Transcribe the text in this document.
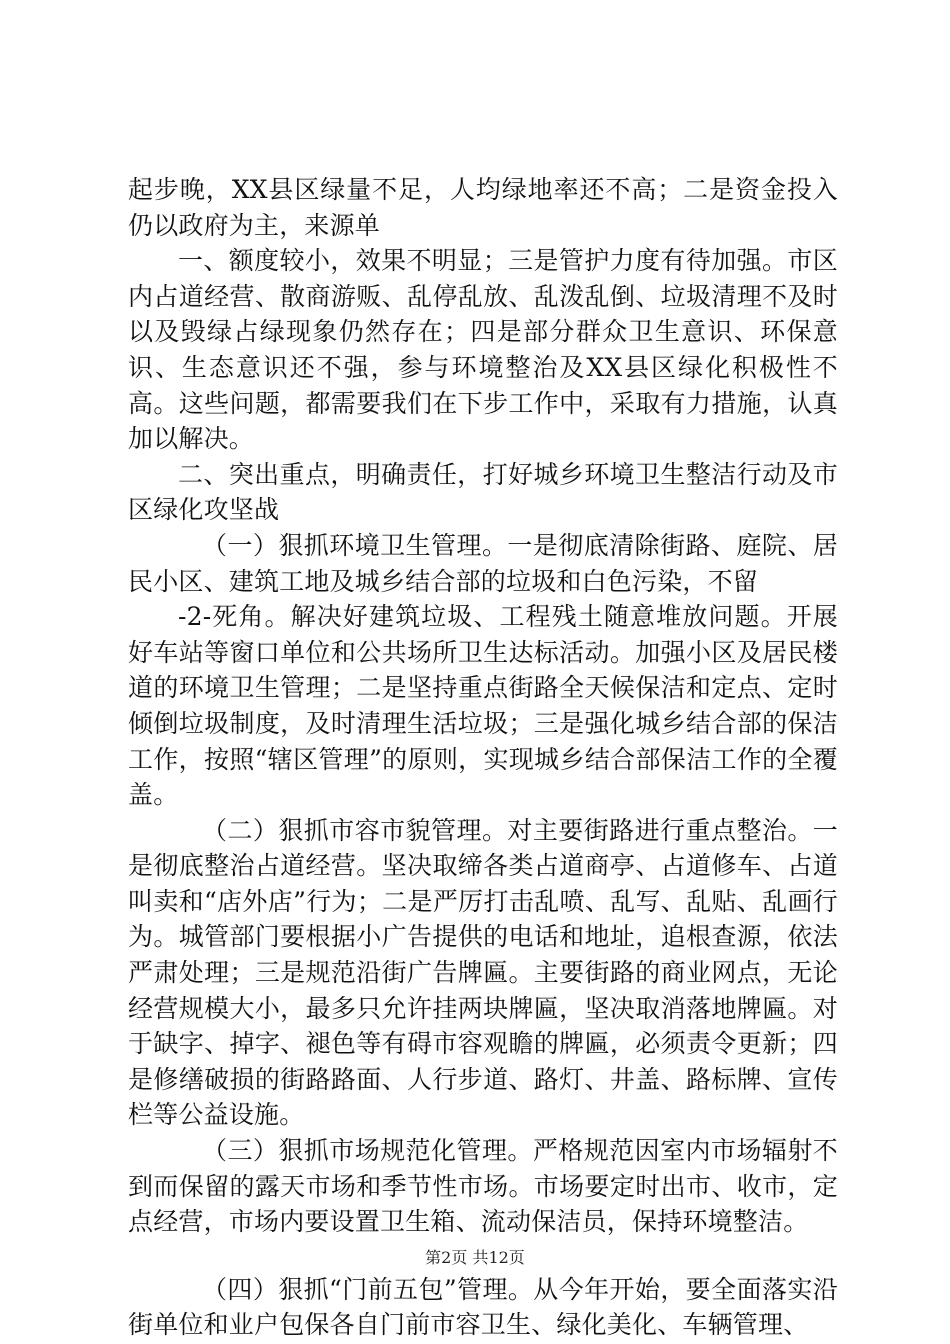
起步晚，XX县区绿量不足，人均绿地率还不高；二是资金投入仍以政府为主，来源单

一、额度较小，效果不明显；三是管护力度有待加强。市区内占道经营、散商游贩、乱停乱放、乱泼乱倒、垃圾清理不及时以及毁绿占绿现象仍然存在；四是部分群众卫生意识、环保意识、生态意识还不强，参与环境整治及XX县区绿化积极性不高。这些问题，都需要我们在下步工作中，采取有力措施，认真加以解决。

二、突出重点，明确责任，打好城乡环境卫生整洁行动及市区绿化攻坚战

（一）狠抓环境卫生管理。一是彻底清除街路、庭院、居民小区、建筑工地及城乡结合部的垃圾和白色污染，不留

-2-死角。解决好建筑垃圾、工程残土随意堆放问题。开展好车站等窗口单位和公共场所卫生达标活动。加强小区及居民楼道的环境卫生管理；二是坚持重点街路全天候保洁和定点、定时倾倒垃圾制度，及时清理生活垃圾；三是强化城乡结合部的保洁工作，按照“辖区管理”的原则，实现城乡结合部保洁工作的全覆盖。

（二）狠抓市容市貌管理。对主要街路进行重点整治。一是彻底整治占道经营。坚决取缔各类占道商亭、占道修车、占道叫卖和“店外店”行为；二是严厉打击乱喷、乱写、乱贴、乱画行为。城管部门要根据小广告提供的电话和地址，追根查源，依法严肃处理；三是规范沿街广告牌匾。主要街路的商业网点，无论经营规模大小，最多只允许挂两块牌匾，坚决取消落地牌匾。对于缺字、掉字、褪色等有碍市容观瞻的牌匾，必须责令更新；四是修缮破损的街路路面、人行步道、路灯、井盖、路标牌、宣传栏等公益设施。

（三）狠抓市场规范化管理。严格规范因室内市场辐射不到而保留的露天市场和季节性市场。市场要定时出市、收市，定点经营，市场内要设置卫生箱、流动保洁员，保持环境整洁。

（四）狠抓“门前五包”管理。从今年开始，要全面落实沿街单位和业户包保各自门前市容卫生、绿化美化、车辆管理、

第2页 共12页
